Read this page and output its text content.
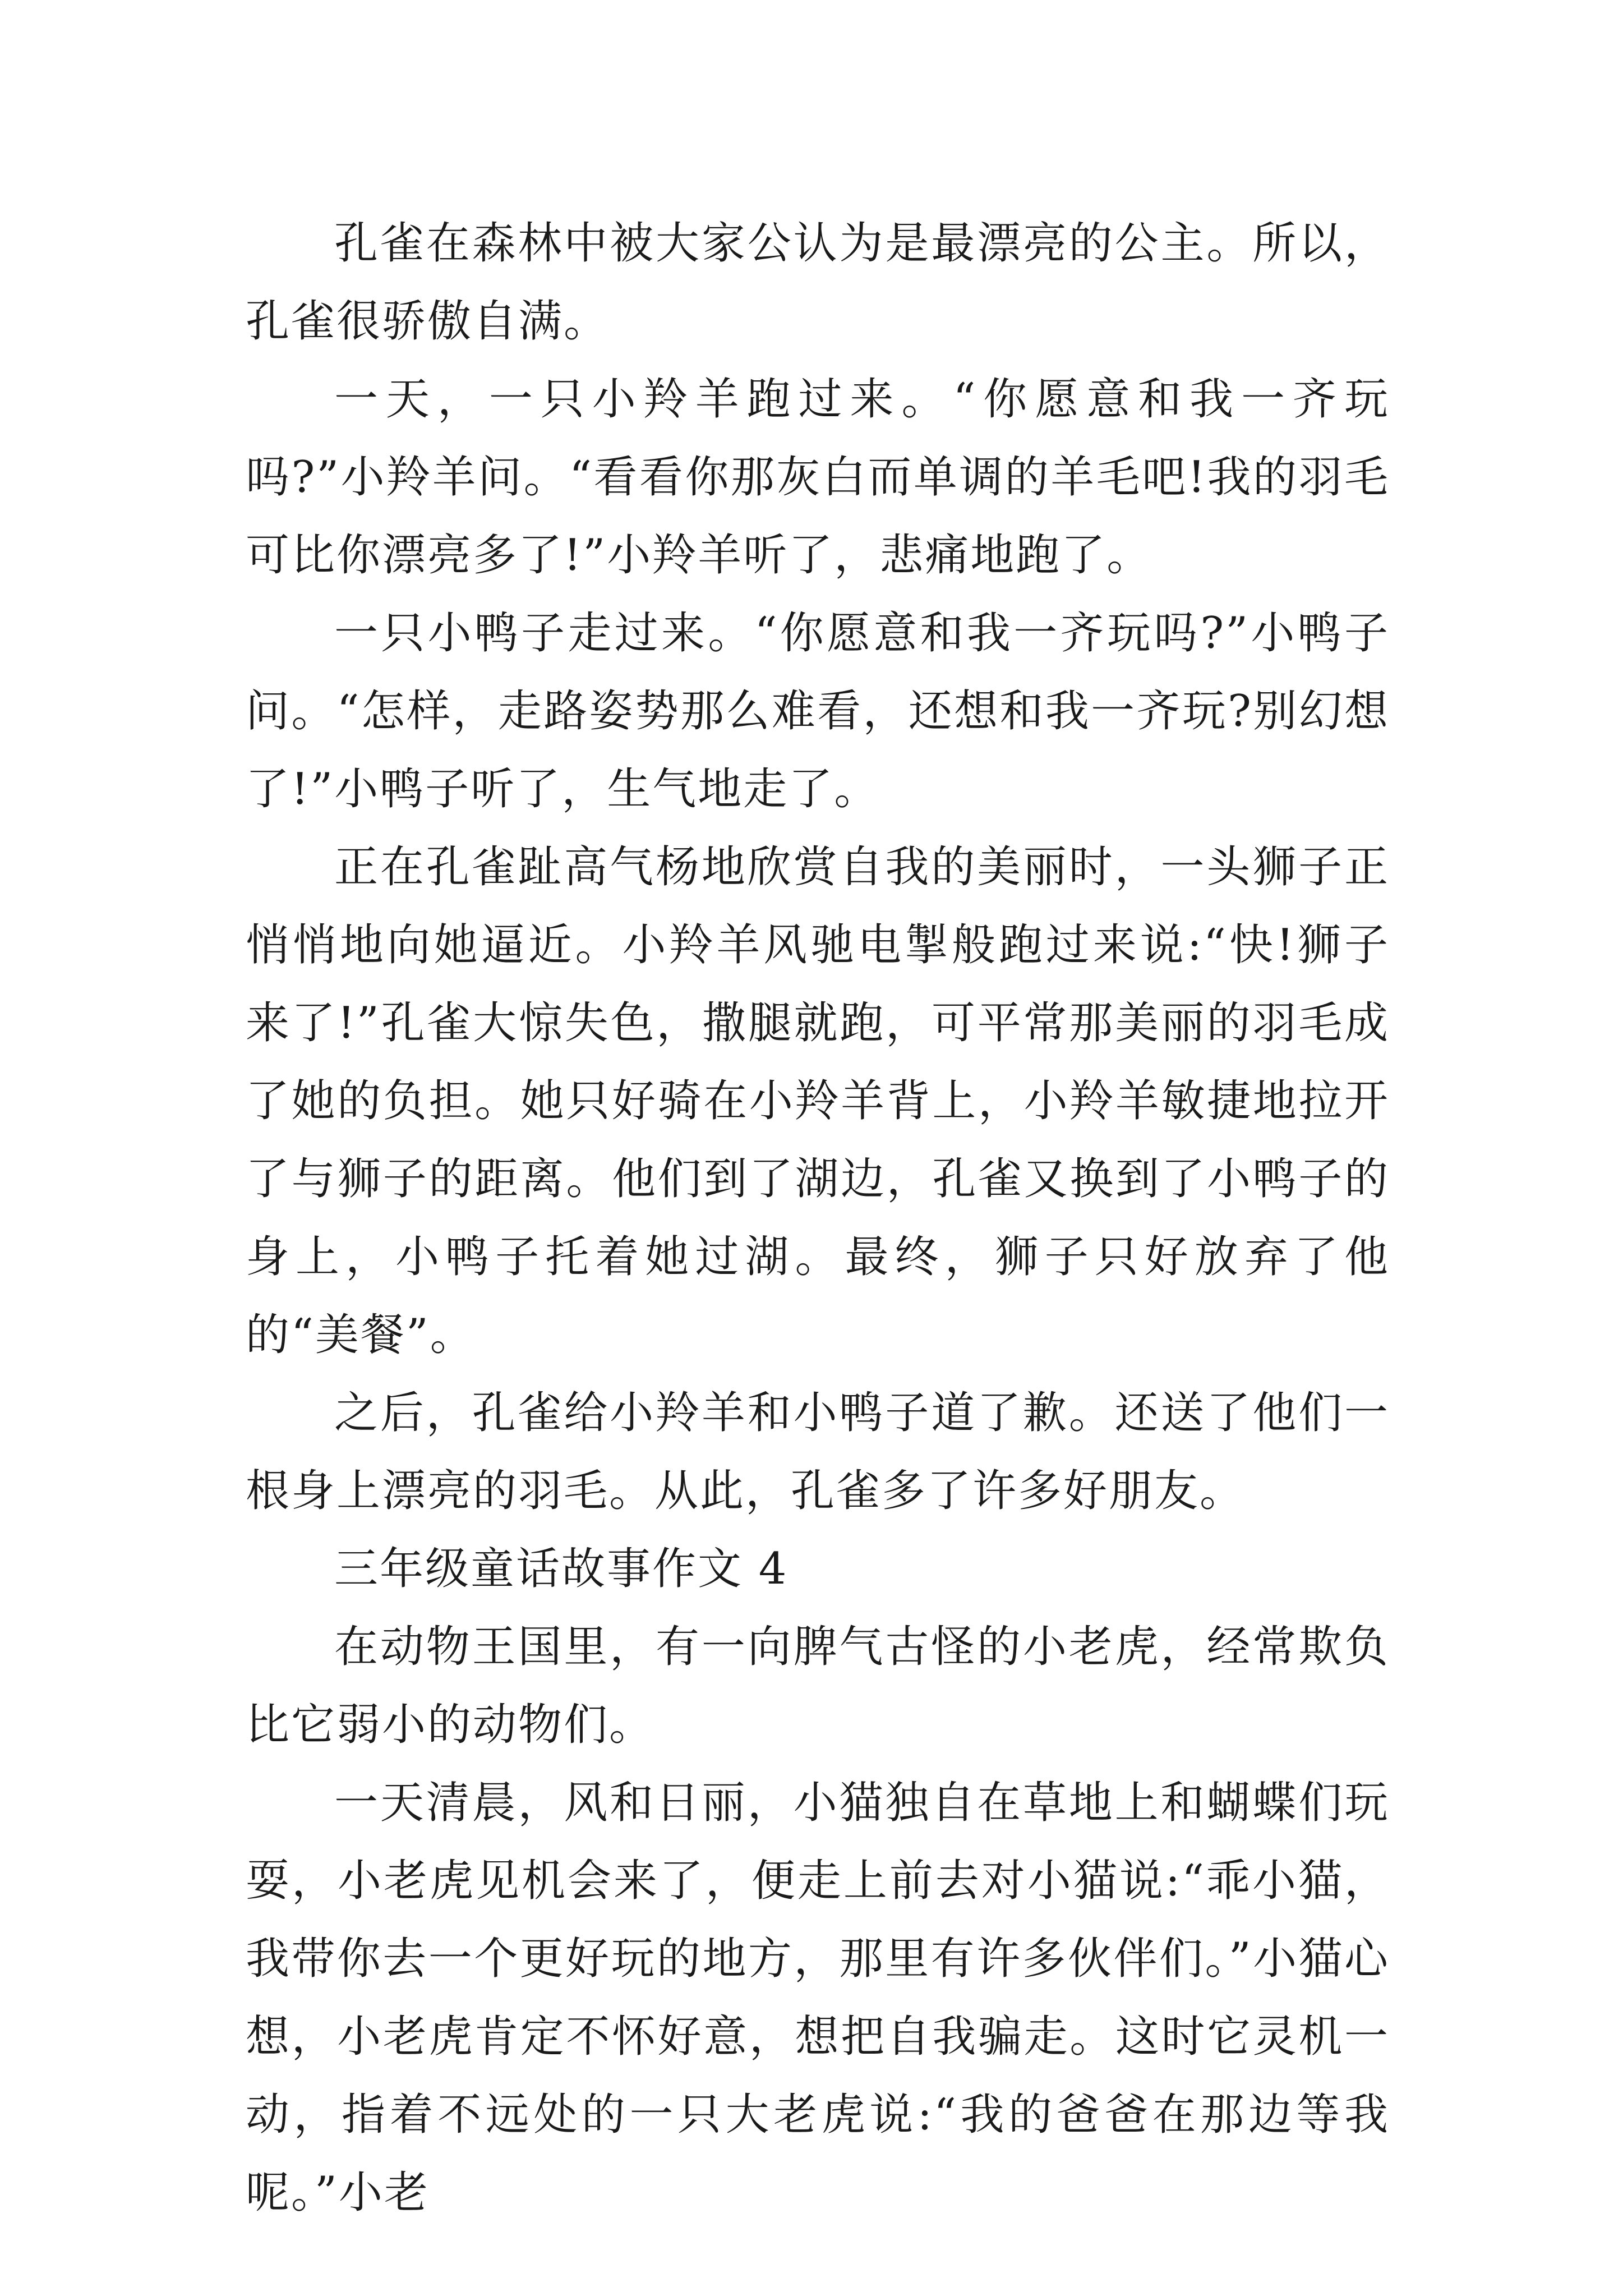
孔雀在森林中被大家公认为是最漂亮的公主。所以，孔雀很骄傲自满。

一天，一只小羚羊跑过来。“你愿意和我一齐玩吗?”小羚羊问。“看看你那灰白而单调的羊毛吧!我的羽毛可比你漂亮多了!”小羚羊听了，悲痛地跑了。

一只小鸭子走过来。“你愿意和我一齐玩吗?”小鸭子问。“怎样，走路姿势那么难看，还想和我一齐玩?别幻想了!”小鸭子听了，生气地走了。

正在孔雀趾高气杨地欣赏自我的美丽时，一头狮子正悄悄地向她逼近。小羚羊风驰电掣般跑过来说:“快!狮子来了!”孔雀大惊失色，撒腿就跑，可平常那美丽的羽毛成了她的负担。她只好骑在小羚羊背上，小羚羊敏捷地拉开了与狮子的距离。他们到了湖边，孔雀又换到了小鸭子的身上，小鸭子托着她过湖。最终，狮子只好放弃了他的“美餐”。

之后，孔雀给小羚羊和小鸭子道了歉。还送了他们一根身上漂亮的羽毛。从此，孔雀多了许多好朋友。

三年级童话故事作文 4

在动物王国里，有一向脾气古怪的小老虎，经常欺负比它弱小的动物们。

一天清晨，风和日丽，小猫独自在草地上和蝴蝶们玩耍，小老虎见机会来了，便走上前去对小猫说:“乖小猫，我带你去一个更好玩的地方，那里有许多伙伴们。”小猫心想，小老虎肯定不怀好意，想把自我骗走。这时它灵机一动，指着不远处的一只大老虎说:“我的爸爸在那边等我呢。”小老
